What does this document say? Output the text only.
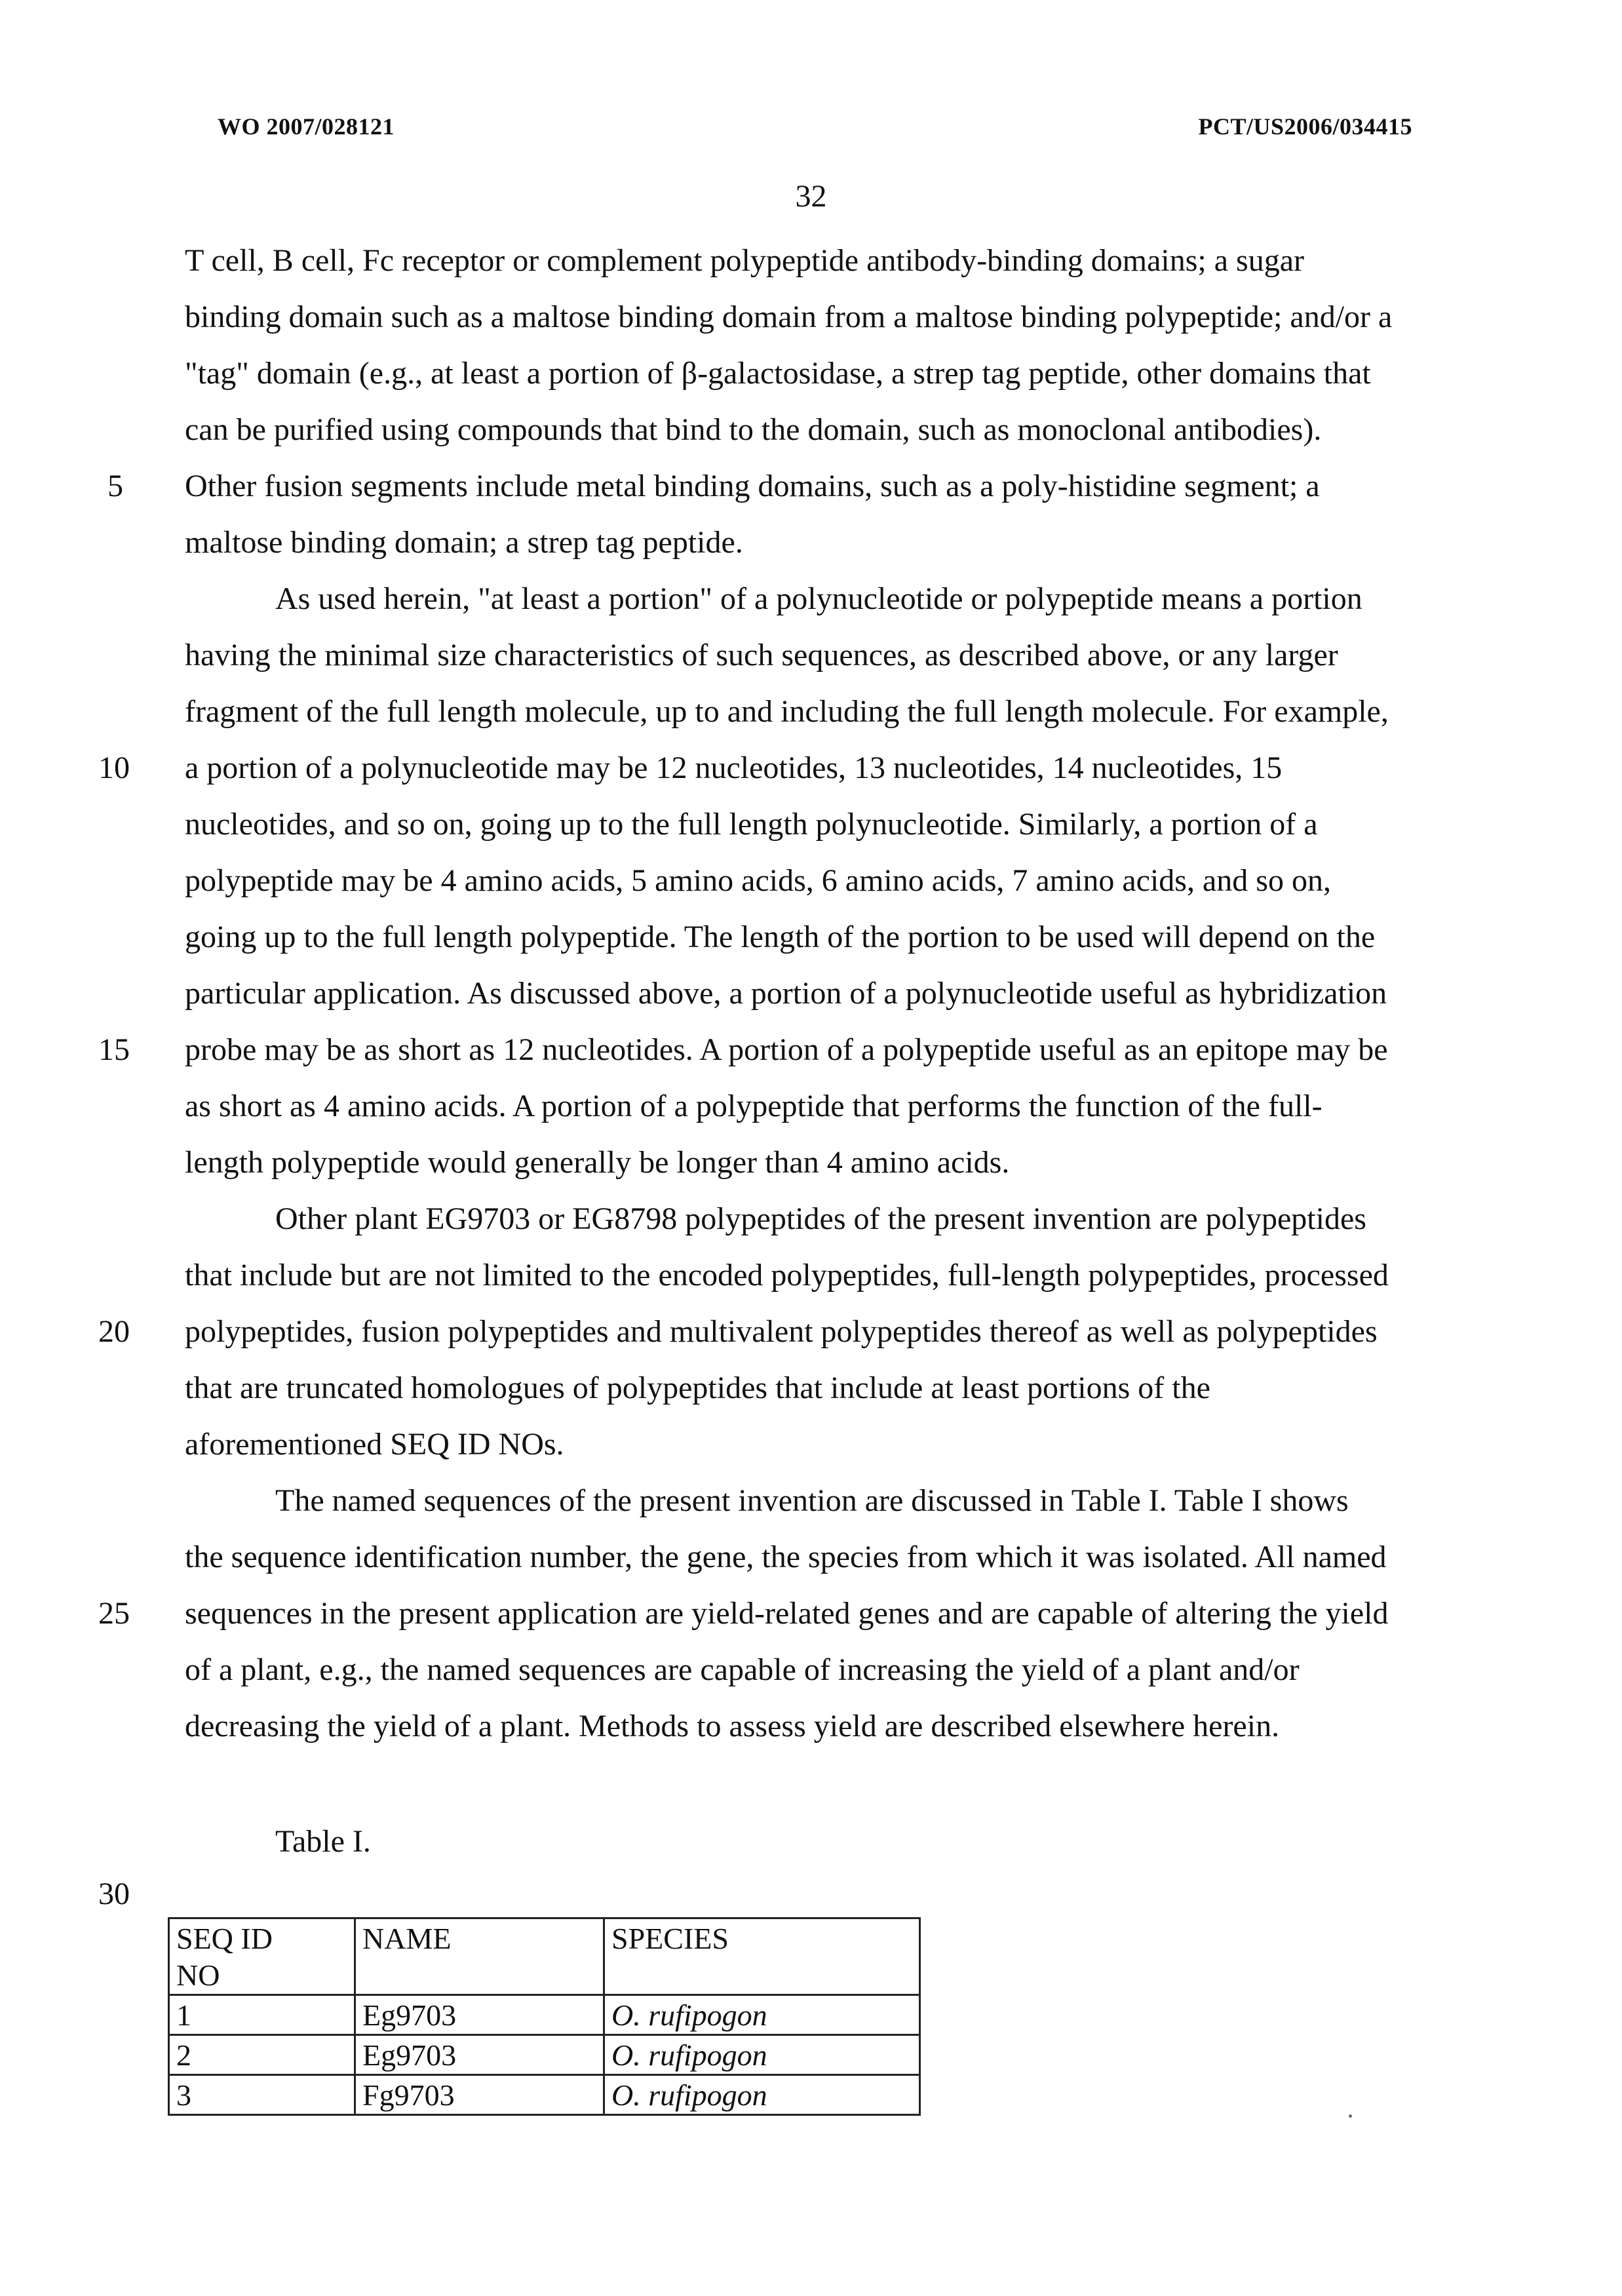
WO 2007/028121	PCT/US2006/034415
32
T cell, B cell, Fc receptor or complement polypeptide antibody-binding domains; a sugar
binding domain such as a maltose binding domain from a maltose binding polypeptide; and/or a
"tag" domain (e.g., at least a portion of β-galactosidase, a strep tag peptide, other domains that
can be purified using compounds that bind to the domain, such as monoclonal antibodies).
Other fusion segments include metal binding domains, such as a poly-histidine segment; a
maltose binding domain; a strep tag peptide.
As used herein, "at least a portion" of a polynucleotide or polypeptide means a portion
having the minimal size characteristics of such sequences, as described above, or any larger
fragment of the full length molecule, up to and including the full length molecule. For example,
a portion of a polynucleotide may be 12 nucleotides, 13 nucleotides, 14 nucleotides, 15
nucleotides, and so on, going up to the full length polynucleotide. Similarly, a portion of a
polypeptide may be 4 amino acids, 5 amino acids, 6 amino acids, 7 amino acids, and so on,
going up to the full length polypeptide. The length of the portion to be used will depend on the
particular application. As discussed above, a portion of a polynucleotide useful as hybridization
probe may be as short as 12 nucleotides. A portion of a polypeptide useful as an epitope may be
as short as 4 amino acids. A portion of a polypeptide that performs the function of the full-
length polypeptide would generally be longer than 4 amino acids.
Other plant EG9703 or EG8798 polypeptides of the present invention are polypeptides
that include but are not limited to the encoded polypeptides, full-length polypeptides, processed
polypeptides, fusion polypeptides and multivalent polypeptides thereof as well as polypeptides
that are truncated homologues of polypeptides that include at least portions of the
aforementioned SEQ ID NOs.
The named sequences of the present invention are discussed in Table I. Table I shows
the sequence identification number, the gene, the species from which it was isolated. All named
sequences in the present application are yield-related genes and are capable of altering the yield
of a plant, e.g., the named sequences are capable of increasing the yield of a plant and/or
decreasing the yield of a plant. Methods to assess yield are described elsewhere herein.
5
10
15
20
25
30
Table I.
SEQ ID NO	NAME	SPECIES
1	Eg9703	O. rufipogon
2	Eg9703	O. rufipogon
3	Fg9703	O. rufipogon
